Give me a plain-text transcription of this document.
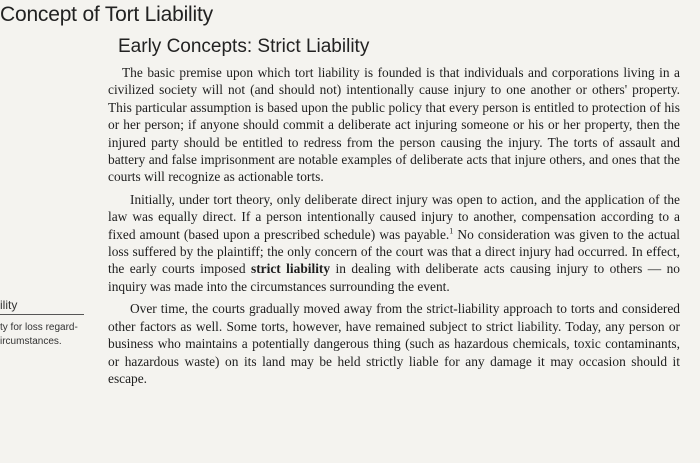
Concept of Tort Liability
Early Concepts: Strict Liability
ility
ty for loss regard-
ircumstances.

The basic premise upon which tort liability is founded is that individuals and corporations living in a civilized society will not (and should not) intentionally cause injury to one another or others' property. This particular assumption is based upon the public policy that every person is entitled to protection of his or her person; if anyone should commit a deliberate act injuring someone or his or her property, then the injured party should be entitled to redress from the person causing the injury. The torts of assault and battery and false imprisonment are notable examples of deliberate acts that injure others, and ones that the courts will recognize as actionable torts.

Initially, under tort theory, only deliberate direct injury was open to action, and the application of the law was equally direct. If a person intentionally caused injury to another, compensation according to a fixed amount (based upon a prescribed schedule) was payable.$^1$ No consideration was given to the actual loss suffered by the plaintiff; the only concern of the court was that a direct injury had occurred. In effect, the early courts imposed strict liability in dealing with deliberate acts causing injury to others — no inquiry was made into the circumstances surrounding the event.

Over time, the courts gradually moved away from the strict-liability approach to torts and considered other factors as well. Some torts, however, have remained subject to strict liability. Today, any person or business who maintains a potentially dangerous thing (such as hazardous chemicals, toxic contaminants, or hazardous waste) on its land may be held strictly liable for any damage it may occasion should it escape.
